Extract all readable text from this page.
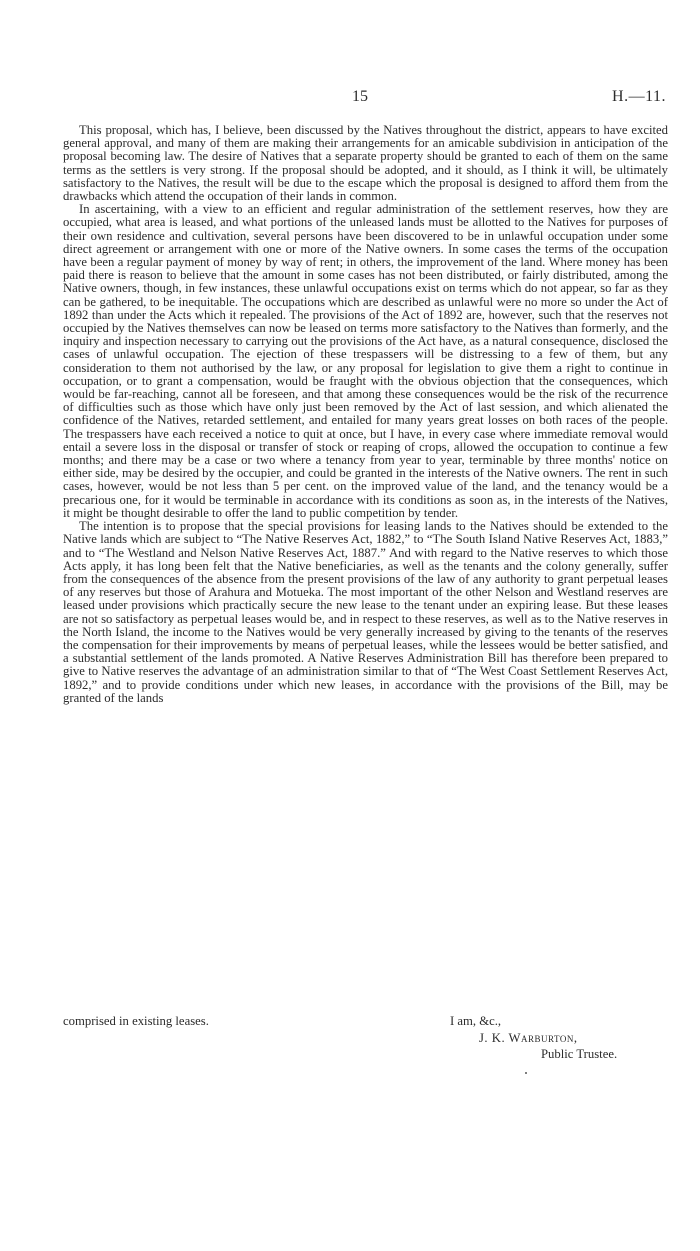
15	H.—11.

This proposal, which has, I believe, been discussed by the Natives throughout the district, appears to have excited general approval, and many of them are making their arrangements for an amicable subdivision in anticipation of the proposal becoming law. The desire of Natives that a separate property should be granted to each of them on the same terms as the settlers is very strong. If the proposal should be adopted, and it should, as I think it will, be ultimately satisfactory to the Natives, the result will be due to the escape which the proposal is designed to afford them from the drawbacks which attend the occupation of their lands in common.

In ascertaining, with a view to an efficient and regular administration of the settlement reserves, how they are occupied, what area is leased, and what portions of the unleased lands must be allotted to the Natives for purposes of their own residence and cultivation, several persons have been discovered to be in unlawful occupation under some direct agreement or arrangement with one or more of the Native owners. In some cases the terms of the occupation have been a regular payment of money by way of rent; in others, the improvement of the land. Where money has been paid there is reason to believe that the amount in some cases has not been distributed, or fairly distributed, among the Native owners, though, in few instances, these unlawful occupations exist on terms which do not appear, so far as they can be gathered, to be inequitable. The occupations which are described as unlawful were no more so under the Act of 1892 than under the Acts which it repealed. The provisions of the Act of 1892 are, however, such that the reserves not occupied by the Natives themselves can now be leased on terms more satisfactory to the Natives than formerly, and the inquiry and inspection necessary to carrying out the provisions of the Act have, as a natural consequence, disclosed the cases of unlawful occupation. The ejection of these trespassers will be distressing to a few of them, but any consideration to them not authorised by the law, or any proposal for legislation to give them a right to continue in occupation, or to grant a compensation, would be fraught with the obvious objection that the consequences, which would be far-reaching, cannot all be foreseen, and that among these consequences would be the risk of the recurrence of difficulties such as those which have only just been removed by the Act of last session, and which alienated the confidence of the Natives, retarded settlement, and entailed for many years great losses on both races of the people. The trespassers have each received a notice to quit at once, but I have, in every case where immediate removal would entail a severe loss in the disposal or transfer of stock or reaping of crops, allowed the occupation to continue a few months; and there may be a case or two where a tenancy from year to year, terminable by three months' notice on either side, may be desired by the occupier, and could be granted in the interests of the Native owners. The rent in such cases, however, would be not less than 5 per cent. on the improved value of the land, and the tenancy would be a precarious one, for it would be terminable in accordance with its conditions as soon as, in the interests of the Natives, it might be thought desirable to offer the land to public competition by tender.

The intention is to propose that the special provisions for leasing lands to the Natives should be extended to the Native lands which are subject to “The Native Reserves Act, 1882,” to “The South Island Native Reserves Act, 1883,” and to “The Westland and Nelson Native Reserves Act, 1887.” And with regard to the Native reserves to which those Acts apply, it has long been felt that the Native beneficiaries, as well as the tenants and the colony generally, suffer from the consequences of the absence from the present provisions of the law of any authority to grant perpetual leases of any reserves but those of Arahura and Motueka. The most important of the other Nelson and Westland reserves are leased under provisions which practically secure the new lease to the tenant under an expiring lease. But these leases are not so satisfactory as perpetual leases would be, and in respect to these reserves, as well as to the Native reserves in the North Island, the income to the Natives would be very generally increased by giving to the tenants of the reserves the compensation for their improvements by means of perpetual leases, while the lessees would be better satisfied, and a substantial settlement of the lands promoted. A Native Reserves Administration Bill has therefore been prepared to give to Native reserves the advantage of an administration similar to that of “The West Coast Settlement Reserves Act, 1892,” and to provide conditions under which new leases, in accordance with the provisions of the Bill, may be granted of the lands

comprised in existing leases.	I am, &c.,
J. K. Warburton,
Public Trustee.
